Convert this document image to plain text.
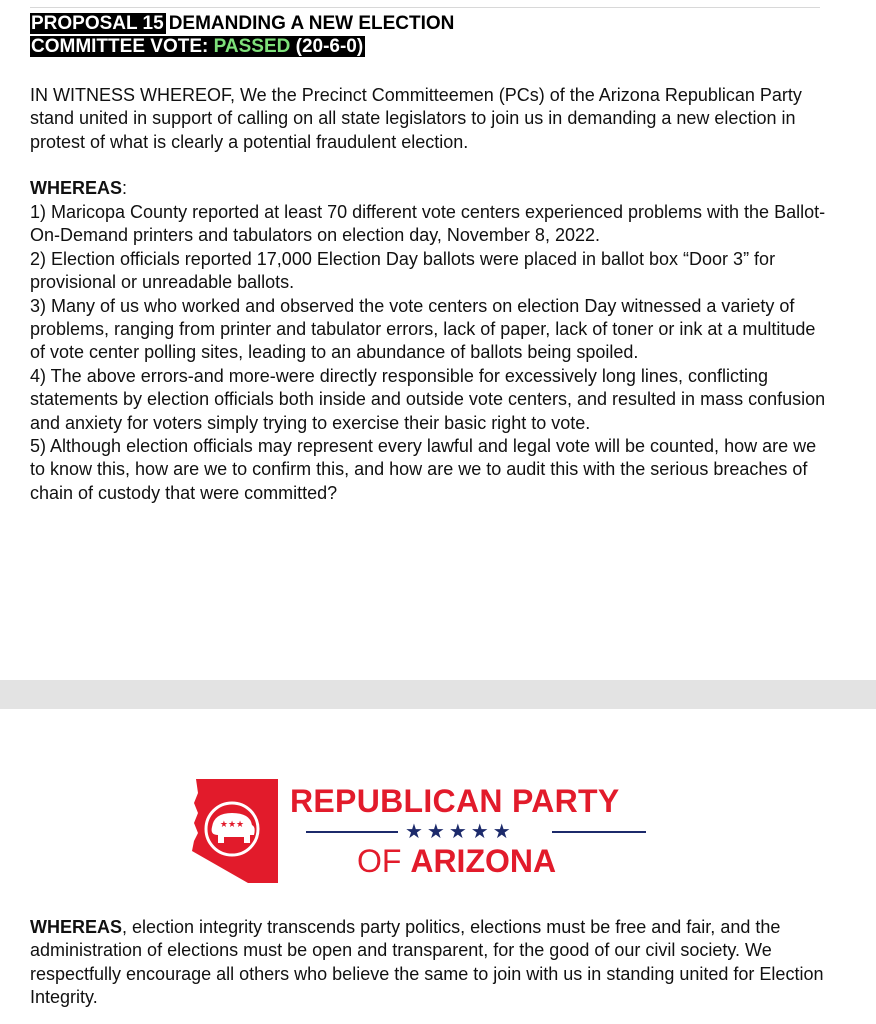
PROPOSAL 15 DEMANDING A NEW ELECTION
COMMITTEE VOTE: PASSED (20-6-0)

IN WITNESS WHEREOF, We the Precinct Committeemen (PCs) of the Arizona Republican Party stand united in support of calling on all state legislators to join us in demanding a new election in protest of what is clearly a potential fraudulent election.

WHEREAS:

1) Maricopa County reported at least 70 different vote centers experienced problems with the Ballot-On-Demand printers and tabulators on election day, November 8, 2022.

2) Election officials reported 17,000 Election Day ballots were placed in ballot box “Door 3” for provisional or unreadable ballots.

3) Many of us who worked and observed the vote centers on election Day witnessed a variety of problems, ranging from printer and tabulator errors, lack of paper, lack of toner or ink at a multitude of vote center polling sites, leading to an abundance of ballots being spoiled.

4) The above errors-and more-were directly responsible for excessively long lines, conflicting statements by election officials both inside and outside vote centers, and resulted in mass confusion and anxiety for voters simply trying to exercise their basic right to vote.

5) Although election officials may represent every lawful and legal vote will be counted, how are we to know this, how are we to confirm this, and how are we to audit this with the serious breaches of chain of custody that were committed?

★★★
REPUBLICAN PARTY
★★★★★
OF ARIZONA

WHEREAS, election integrity transcends party politics, elections must be free and fair, and the administration of elections must be open and transparent, for the good of our civil society. We respectfully encourage all others who believe the same to join with us in standing united for Election Integrity.
